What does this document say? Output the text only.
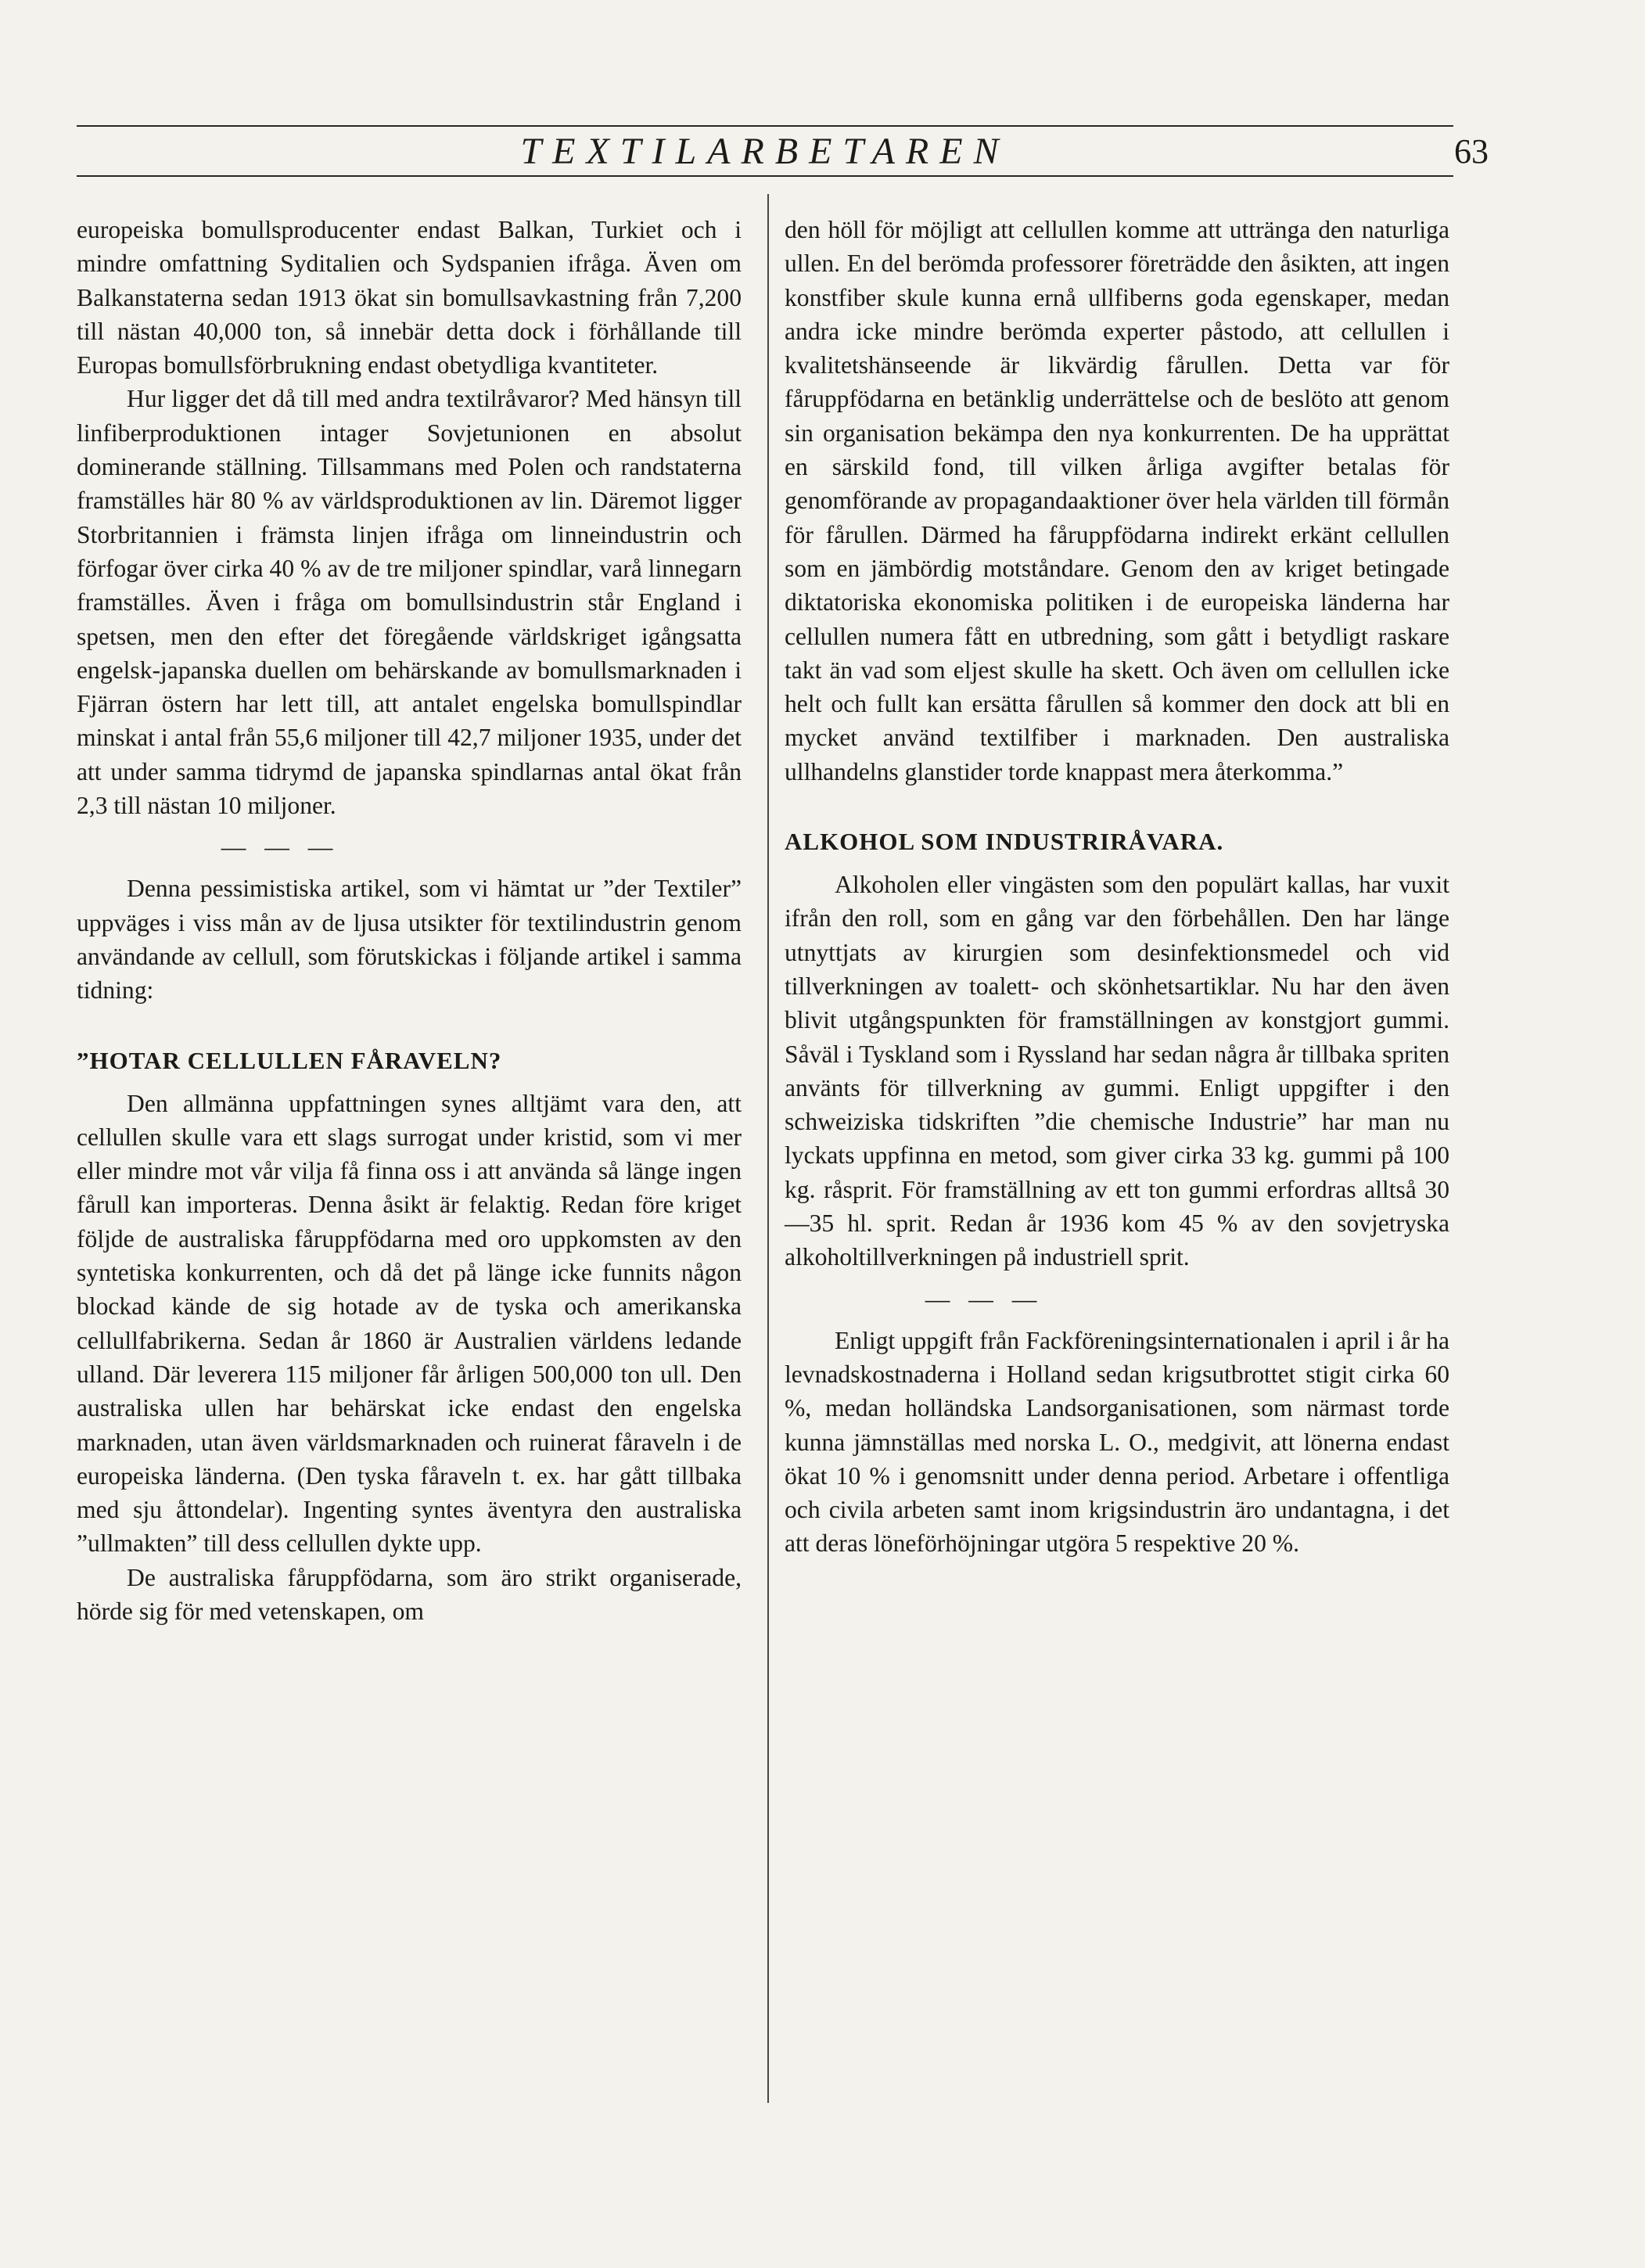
TEXTILARBETAREN	63

europeiska bomullsproducenter endast Balkan, Turkiet och i mindre omfattning Syditalien och Sydspanien ifråga. Även om Balkanstaterna sedan 1913 ökat sin bomullsavkastning från 7,200 till nästan 40,000 ton, så innebär detta dock i förhållande till Europas bomullsförbrukning endast obetydliga kvantiteter.

Hur ligger det då till med andra textilråvaror? Med hänsyn till linfiberproduktionen intager Sovjetunionen en absolut dominerande ställning. Tillsammans med Polen och randstaterna framställes här 80 % av världsproduktionen av lin. Däremot ligger Storbritannien i främsta linjen ifråga om linneindustrin och förfogar över cirka 40 % av de tre miljoner spindlar, varå linnegarn framställes. Även i fråga om bomullsindustrin står England i spetsen, men den efter det föregående världskriget igångsatta engelsk-japanska duellen om behärskande av bomullsmarknaden i Fjärran östern har lett till, att antalet engelska bomullspindlar minskat i antal från 55,6 miljoner till 42,7 miljoner 1935, under det att under samma tidrymd de japanska spindlarnas antal ökat från 2,3 till nästan 10 miljoner.

— — —

Denna pessimistiska artikel, som vi hämtat ur ”der Textiler” uppväges i viss mån av de ljusa utsikter för textilindustrin genom användande av cellull, som förutskickas i följande artikel i samma tidning:

”HOTAR CELLULLEN FÅRAVELN?

Den allmänna uppfattningen synes alltjämt vara den, att cellullen skulle vara ett slags surrogat under kristid, som vi mer eller mindre mot vår vilja få finna oss i att använda så länge ingen fårull kan importeras. Denna åsikt är felaktig. Redan före kriget följde de australiska fåruppfödarna med oro uppkomsten av den syntetiska konkurrenten, och då det på länge icke funnits någon blockad kände de sig hotade av de tyska och amerikanska cellullfabrikerna. Sedan år 1860 är Australien världens ledande ulland. Där leverera 115 miljoner får årligen 500,000 ton ull. Den australiska ullen har behärskat icke endast den engelska marknaden, utan även världsmarknaden och ruinerat fåraveln i de europeiska länderna. (Den tyska fåraveln t. ex. har gått tillbaka med sju åttondelar). Ingenting syntes äventyra den australiska ”ullmakten” till dess cellullen dykte upp.

De australiska fåruppfödarna, som äro strikt organiserade, hörde sig för med vetenskapen, om

den höll för möjligt att cellullen komme att uttränga den naturliga ullen. En del berömda professorer företrädde den åsikten, att ingen konstfiber skule kunna ernå ullfiberns goda egenskaper, medan andra icke mindre berömda experter påstodo, att cellullen i kvalitetshänseende är likvärdig fårullen. Detta var för fåruppfödarna en betänklig underrättelse och de beslöto att genom sin organisation bekämpa den nya konkurrenten. De ha upprättat en särskild fond, till vilken årliga avgifter betalas för genomförande av propagandaaktioner över hela världen till förmån för fårullen. Därmed ha fåruppfödarna indirekt erkänt cellullen som en jämbördig motståndare. Genom den av kriget betingade diktatoriska ekonomiska politiken i de europeiska länderna har cellullen numera fått en utbredning, som gått i betydligt raskare takt än vad som eljest skulle ha skett. Och även om cellullen icke helt och fullt kan ersätta fårullen så kommer den dock att bli en mycket använd textilfiber i marknaden. Den australiska ullhandelns glanstider torde knappast mera återkomma.”

ALKOHOL SOM INDUSTRIRÅVARA.

Alkoholen eller vingästen som den populärt kallas, har vuxit ifrån den roll, som en gång var den förbehållen. Den har länge utnyttjats av kirurgien som desinfektionsmedel och vid tillverkningen av toalett- och skönhetsartiklar. Nu har den även blivit utgångspunkten för framställningen av konstgjort gummi. Såväl i Tyskland som i Ryssland har sedan några år tillbaka spriten använts för tillverkning av gummi. Enligt uppgifter i den schweiziska tidskriften ”die chemische Industrie” har man nu lyckats uppfinna en metod, som giver cirka 33 kg. gummi på 100 kg. råsprit. För framställning av ett ton gummi erfordras alltså 30—35 hl. sprit. Redan år 1936 kom 45 % av den sovjetryska alkoholtillverkningen på industriell sprit.

— — —

Enligt uppgift från Fackföreningsinternationalen i april i år ha levnadskostnaderna i Holland sedan krigsutbrottet stigit cirka 60 %, medan holländska Landsorganisationen, som närmast torde kunna jämnställas med norska L. O., medgivit, att lönerna endast ökat 10 % i genomsnitt under denna period. Arbetare i offentliga och civila arbeten samt inom krigsindustrin äro undantagna, i det att deras löneförhöjningar utgöra 5 respektive 20 %.
